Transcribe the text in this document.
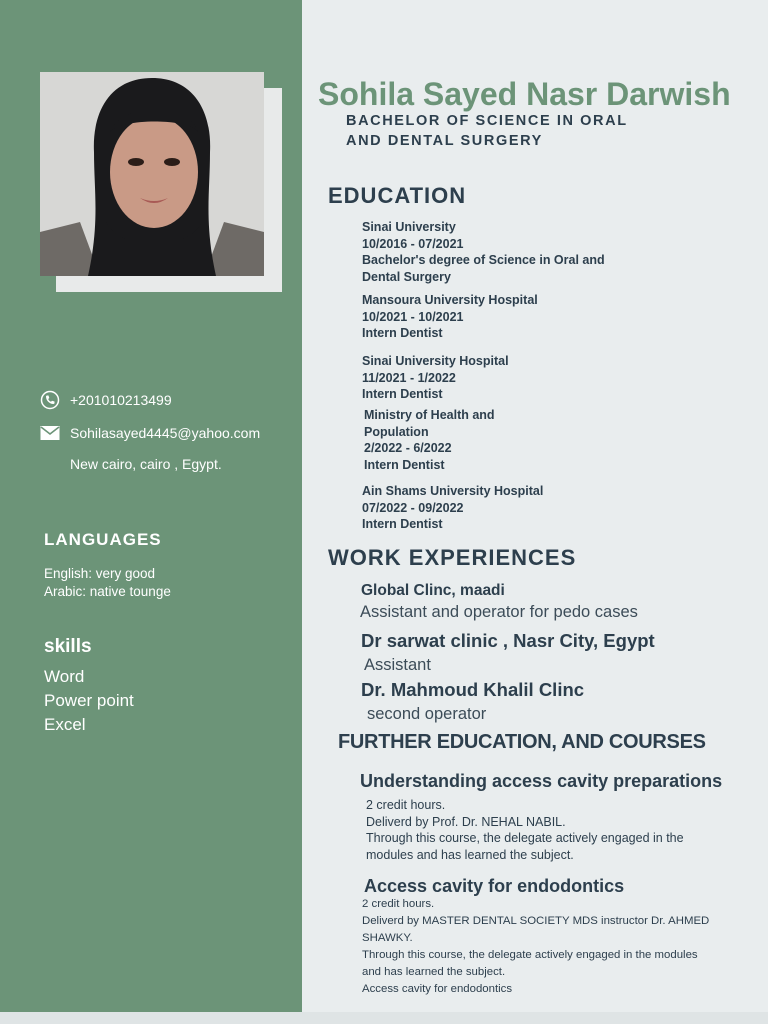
+201010213499
Sohilasayed4445@yahoo.com
New cairo, cairo , Egypt.
LANGUAGES
English: very good
Arabic: native tounge
skills
Word
Power point
Excel
Sohila Sayed Nasr Darwish
BACHELOR OF SCIENCE IN ORAL
AND DENTAL SURGERY
EDUCATION
Sinai University
10/2016 - 07/2021
Bachelor's degree of Science in Oral and
Dental Surgery
Mansoura University Hospital
10/2021 - 10/2021
Intern Dentist
Sinai University Hospital
11/2021 - 1/2022
Intern Dentist
Ministry of Health and
Population
2/2022 - 6/2022
Intern Dentist
Ain Shams University Hospital
07/2022 - 09/2022
Intern Dentist
WORK EXPERIENCES
Global Clinc, maadi
Assistant and operator for pedo cases
Dr sarwat clinic , Nasr City, Egypt
Assistant
Dr. Mahmoud Khalil Clinc
second operator
FURTHER EDUCATION, AND COURSES
Understanding access cavity preparations
2 credit hours.
Deliverd by Prof. Dr. NEHAL NABIL.
Through this course, the delegate actively engaged in the
modules and has learned the subject.
Access cavity for endodontics
2 credit hours.
Deliverd by MASTER DENTAL SOCIETY MDS instructor Dr. AHMED
SHAWKY.
Through this course, the delegate actively engaged in the modules
and has learned the subject.
Access cavity for endodontics
